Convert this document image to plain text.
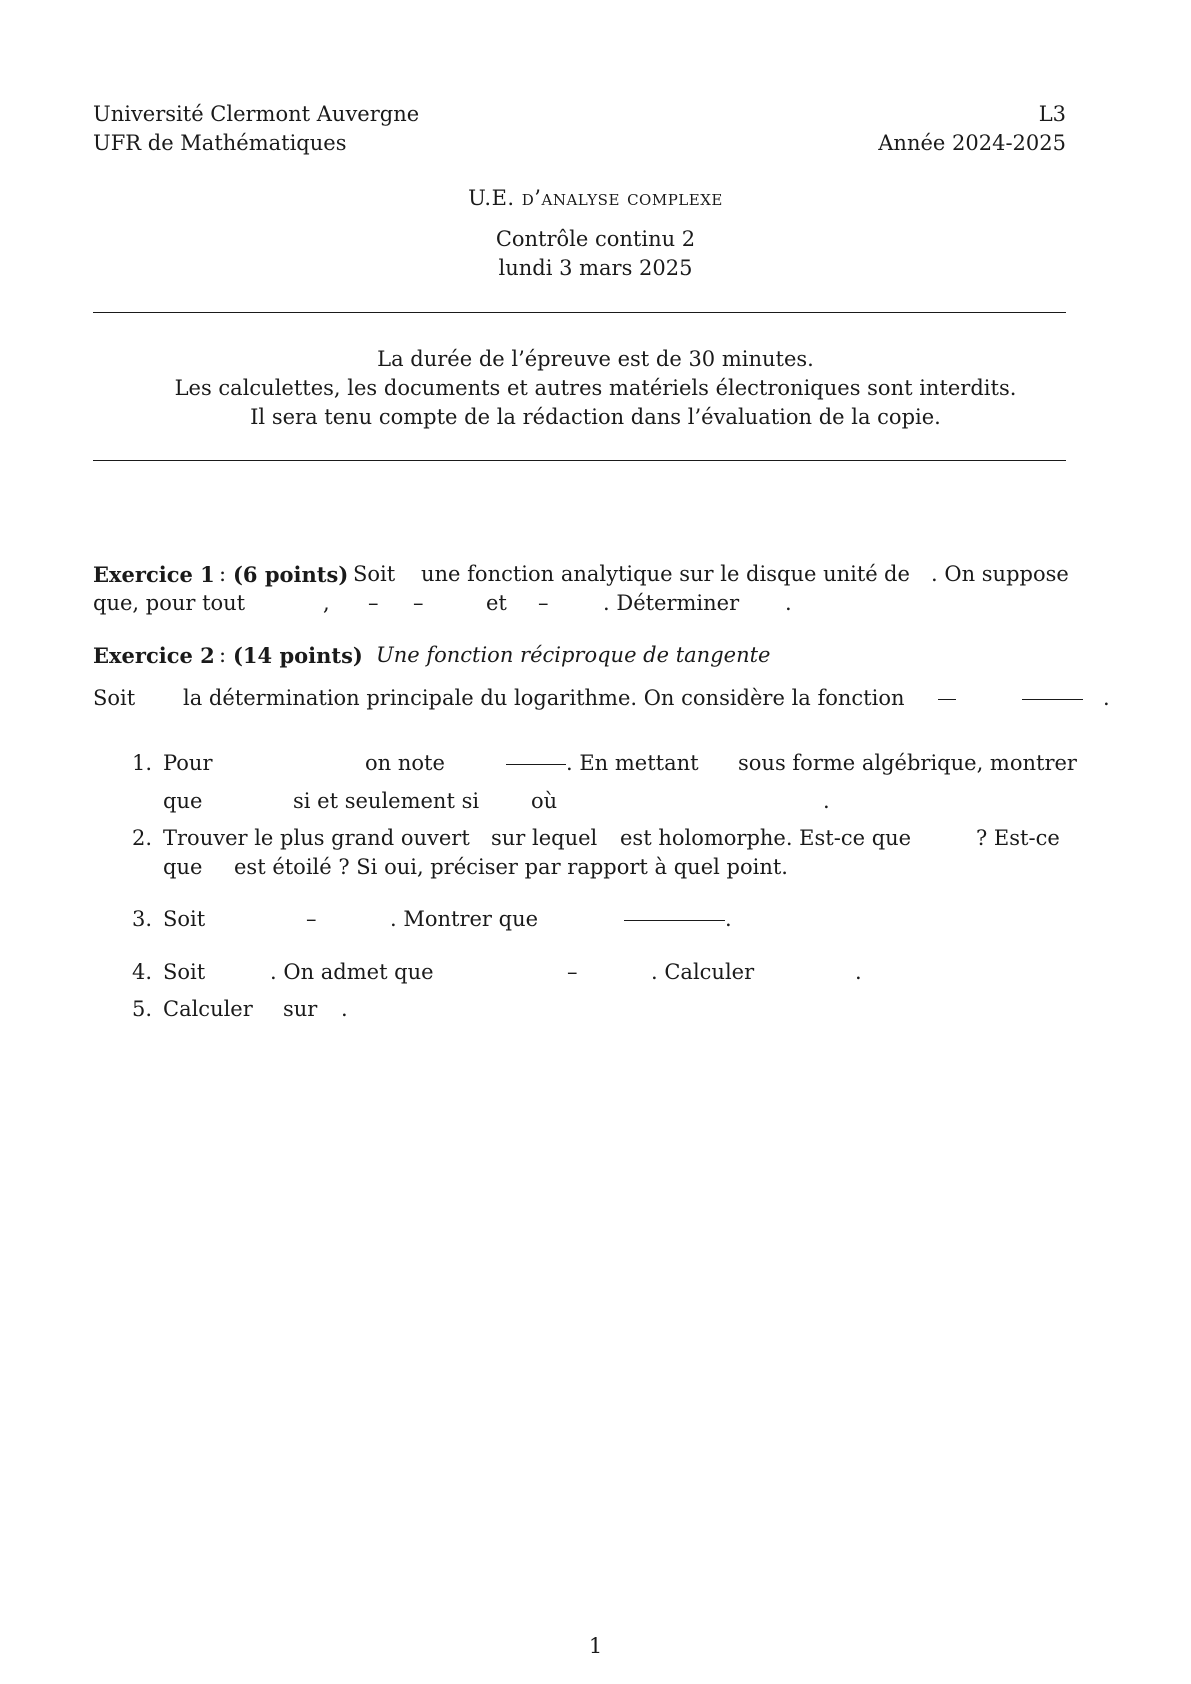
Université Clermont Auvergne
UFR de Mathématiques
L3
Année 2024-2025
U.E. d’analyse complexe
Contrôle continu 2
lundi 3 mars 2025
La durée de l’épreuve est de 30 minutes.
Les calculettes, les documents et autres matériels électroniques sont interdits.
Il sera tenu compte de la rédaction dans l’évaluation de la copie.
Exercice 1 : (6 points) Soit une fonction analytique sur le disque unité de . On suppose
que, pour tout	, – –	et –	. Déterminer .
Exercice 2 : (14 points) Une fonction réciproque de tangente
Soit la détermination principale du logarithme. On considère la fonction	.
1. Pour	on note	. En mettant sous forme algébrique, montrer
que	si et seulement si où	.
2. Trouver le plus grand ouvert sur lequel est holomorphe. Est-ce que	? Est-ce
que est étoilé ? Si oui, préciser par rapport à quel point.
3. Soit	–	. Montrer que	.
4. Soit	. On admet que	–	. Calculer	.
5. Calculer sur .
1
